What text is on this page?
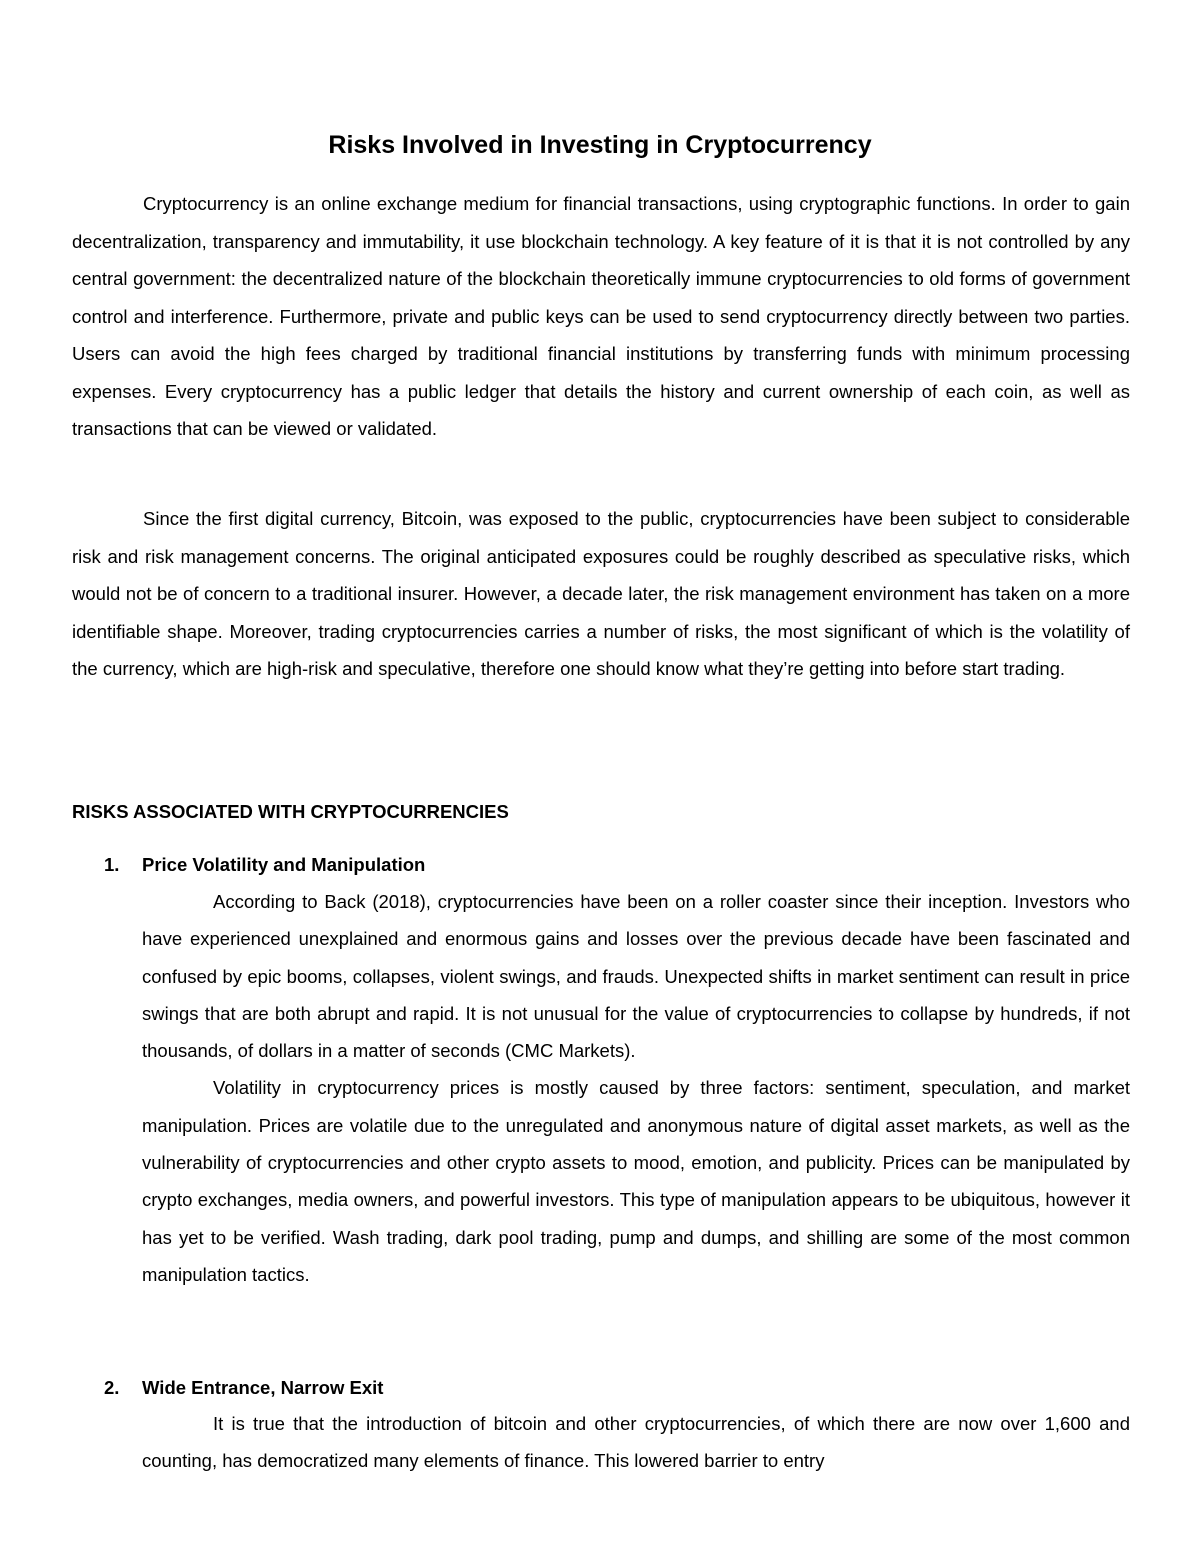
Risks Involved in Investing in Cryptocurrency
Cryptocurrency is an online exchange medium for financial transactions, using cryptographic functions. In order to gain decentralization, transparency and immutability, it use blockchain technology. A key feature of it is that it is not controlled by any central government: the decentralized nature of the blockchain theoretically immune cryptocurrencies to old forms of government control and interference. Furthermore, private and public keys can be used to send cryptocurrency directly between two parties. Users can avoid the high fees charged by traditional financial institutions by transferring funds with minimum processing expenses. Every cryptocurrency has a public ledger that details the history and current ownership of each coin, as well as transactions that can be viewed or validated.
Since the first digital currency, Bitcoin, was exposed to the public, cryptocurrencies have been subject to considerable risk and risk management concerns. The original anticipated exposures could be roughly described as speculative risks, which would not be of concern to a traditional insurer. However, a decade later, the risk management environment has taken on a more identifiable shape. Moreover, trading cryptocurrencies carries a number of risks, the most significant of which is the volatility of the currency, which are high-risk and speculative, therefore one should know what they’re getting into before start trading.
RISKS ASSOCIATED WITH CRYPTOCURRENCIES
1. Price Volatility and Manipulation

According to Back (2018), cryptocurrencies have been on a roller coaster since their inception. Investors who have experienced unexplained and enormous gains and losses over the previous decade have been fascinated and confused by epic booms, collapses, violent swings, and frauds. Unexpected shifts in market sentiment can result in price swings that are both abrupt and rapid. It is not unusual for the value of cryptocurrencies to collapse by hundreds, if not thousands, of dollars in a matter of seconds (CMC Markets).

Volatility in cryptocurrency prices is mostly caused by three factors: sentiment, speculation, and market manipulation. Prices are volatile due to the unregulated and anonymous nature of digital asset markets, as well as the vulnerability of cryptocurrencies and other crypto assets to mood, emotion, and publicity. Prices can be manipulated by crypto exchanges, media owners, and powerful investors. This type of manipulation appears to be ubiquitous, however it has yet to be verified. Wash trading, dark pool trading, pump and dumps, and shilling are some of the most common manipulation tactics.

2. Wide Entrance, Narrow Exit

It is true that the introduction of bitcoin and other cryptocurrencies, of which there are now over 1,600 and counting, has democratized many elements of finance. This lowered barrier to entry
